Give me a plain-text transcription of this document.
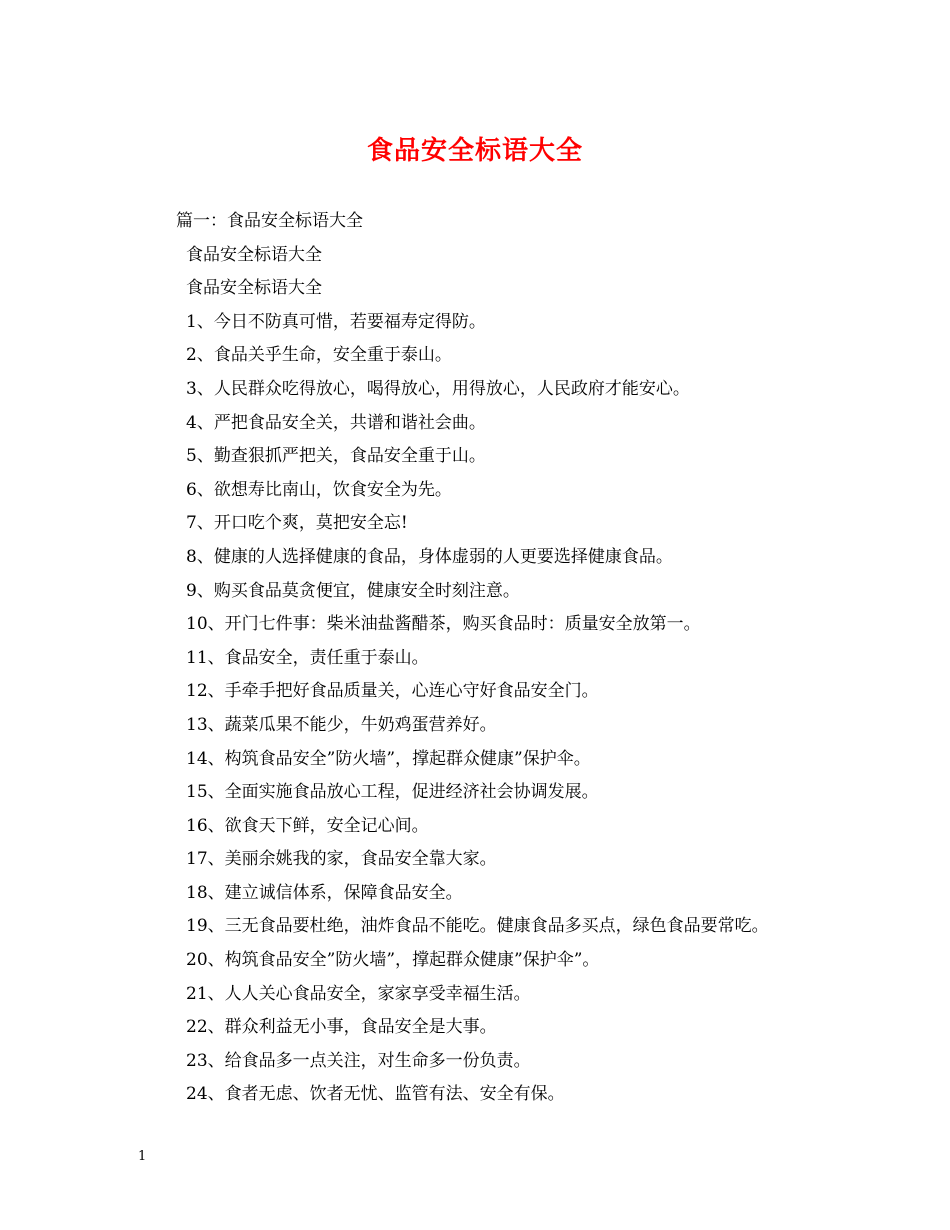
食品安全标语大全
篇一：食品安全标语大全
食品安全标语大全
食品安全标语大全
1、今日不防真可惜，若要福寿定得防。
2、食品关乎生命，安全重于泰山。
3、人民群众吃得放心，喝得放心，用得放心，人民政府才能安心。
4、严把食品安全关，共谱和谐社会曲。
5、勤查狠抓严把关，食品安全重于山。
6、欲想寿比南山，饮食安全为先。
7、开口吃个爽，莫把安全忘!
8、健康的人选择健康的食品，身体虚弱的人更要选择健康食品。
9、购买食品莫贪便宜，健康安全时刻注意。
10、开门七件事：柴米油盐酱醋茶，购买食品时：质量安全放第一。
11、食品安全，责任重于泰山。
12、手牵手把好食品质量关，心连心守好食品安全门。
13、蔬菜瓜果不能少，牛奶鸡蛋营养好。
14、构筑食品安全”防火墙”，撑起群众健康”保护伞。
15、全面实施食品放心工程，促进经济社会协调发展。
16、欲食天下鲜，安全记心间。
17、美丽余姚我的家，食品安全靠大家。
18、建立诚信体系，保障食品安全。
19、三无食品要杜绝，油炸食品不能吃。健康食品多买点，绿色食品要常吃。
20、构筑食品安全”防火墙”，撑起群众健康”保护伞”。
21、人人关心食品安全，家家享受幸福生活。
22、群众利益无小事，食品安全是大事。
23、给食品多一点关注，对生命多一份负责。
24、食者无虑、饮者无忧、监管有法、安全有保。
1
